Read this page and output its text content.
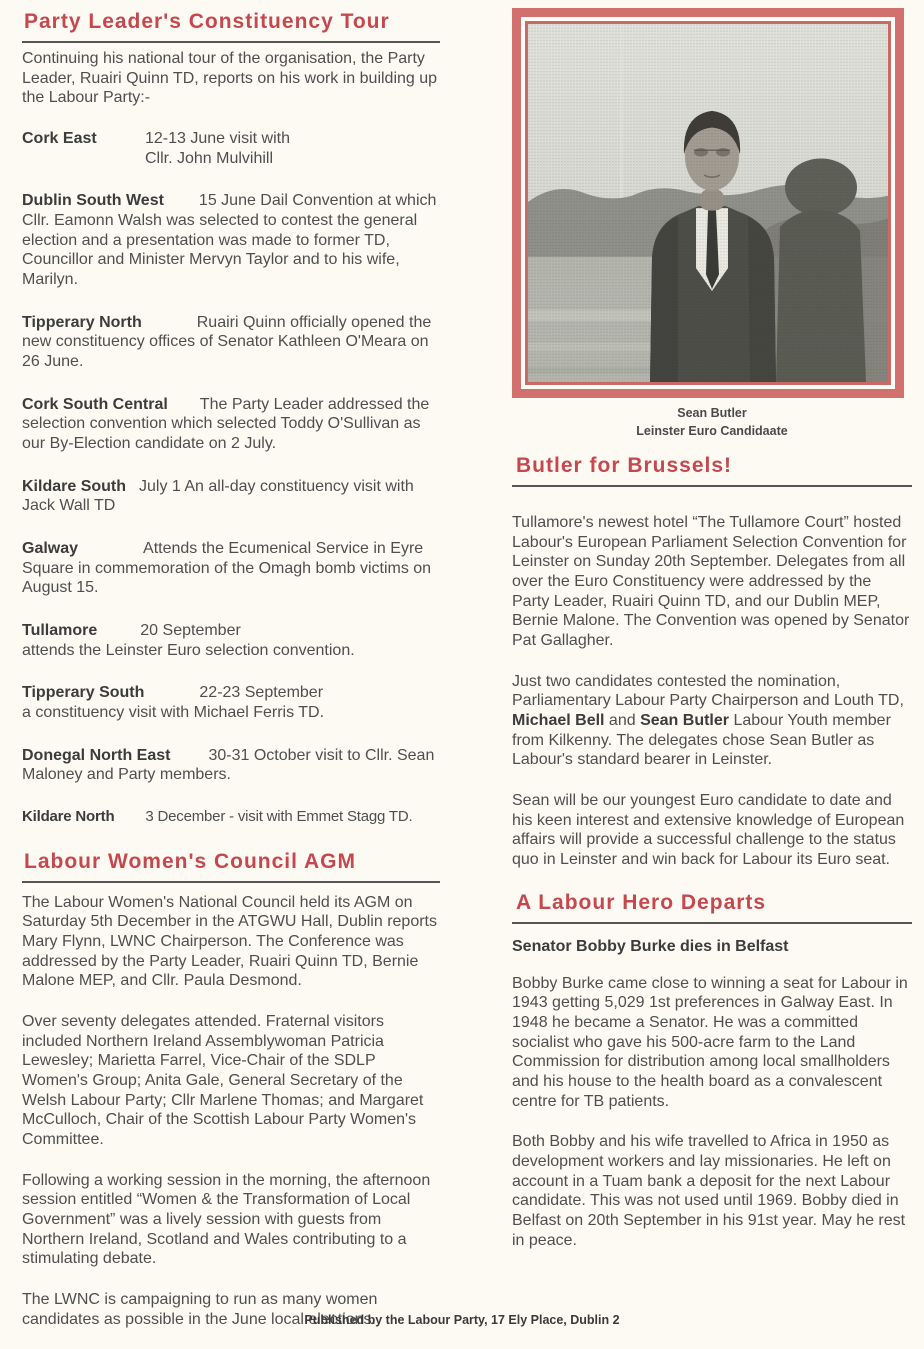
Party Leader's Constituency Tour

Continuing his national tour of the organisation, the Party Leader, Ruairi Quinn TD, reports on his work in building up the Labour Party:-

Cork East	12-13 June visit with
Cllr. John Mulvihill

Dublin South West 15 June Dail Convention at which Cllr. Eamonn Walsh was selected to contest the general election and a presentation was made to former TD, Councillor and Minister Mervyn Taylor and to his wife, Marilyn.

Tipperary North	Ruairi Quinn officially opened the new constituency offices of Senator Kathleen O'Meara on 26 June.

Cork South Central The Party Leader addressed the selection convention which selected Toddy O'Sullivan as our By-Election candidate on 2 July.

Kildare South July 1 An all-day constituency visit with Jack Wall TD

Galway	Attends the Ecumenical Service in Eyre Square in commemoration of the Omagh bomb victims on August 15.

Tullamore	20 September
attends the Leinster Euro selection convention.

Tipperary South	22-23 September
a constituency visit with Michael Ferris TD.

Donegal North East 30-31 October visit to Cllr. Sean Maloney and Party members.

Kildare North 3 December - visit with Emmet Stagg TD.

Labour Women's Council AGM

The Labour Women's National Council held its AGM on Saturday 5th December in the ATGWU Hall, Dublin reports Mary Flynn, LWNC Chairperson. The Conference was addressed by the Party Leader, Ruairi Quinn TD, Bernie Malone MEP, and Cllr. Paula Desmond.

Over seventy delegates attended. Fraternal visitors included Northern Ireland Assemblywoman Patricia Lewesley; Marietta Farrel, Vice-Chair of the SDLP Women's Group; Anita Gale, General Secretary of the Welsh Labour Party; Cllr Marlene Thomas; and Margaret McCulloch, Chair of the Scottish Labour Party Women's Committee.

Following a working session in the morning, the afternoon session entitled “Women & the Transformation of Local Government” was a lively session with guests from Northern Ireland, Scotland and Wales contributing to a stimulating debate.

The LWNC is campaigning to run as many women candidates as possible in the June local elections.

Sean Butler
Leinster Euro Candidaate

Butler for Brussels!

Tullamore's newest hotel “The Tullamore Court” hosted Labour's European Parliament Selection Convention for Leinster on Sunday 20th September. Delegates from all over the Euro Constituency were addressed by the Party Leader, Ruairi Quinn TD, and our Dublin MEP, Bernie Malone. The Convention was opened by Senator Pat Gallagher.

Just two candidates contested the nomination, Parliamentary Labour Party Chairperson and Louth TD, Michael Bell and Sean Butler Labour Youth member from Kilkenny. The delegates chose Sean Butler as Labour's standard bearer in Leinster.

Sean will be our youngest Euro candidate to date and his keen interest and extensive knowledge of European affairs will provide a successful challenge to the status quo in Leinster and win back for Labour its Euro seat.

A Labour Hero Departs

Senator Bobby Burke dies in Belfast

Bobby Burke came close to winning a seat for Labour in 1943 getting 5,029 1st preferences in Galway East. In 1948 he became a Senator. He was a committed socialist who gave his 500-acre farm to the Land Commission for distribution among local smallholders and his house to the health board as a convalescent centre for TB patients.

Both Bobby and his wife travelled to Africa in 1950 as development workers and lay missionaries. He left on account in a Tuam bank a deposit for the next Labour candidate. This was not used until 1969. Bobby died in Belfast on 20th September in his 91st year. May he rest in peace.

Published by the Labour Party, 17 Ely Place, Dublin 2
